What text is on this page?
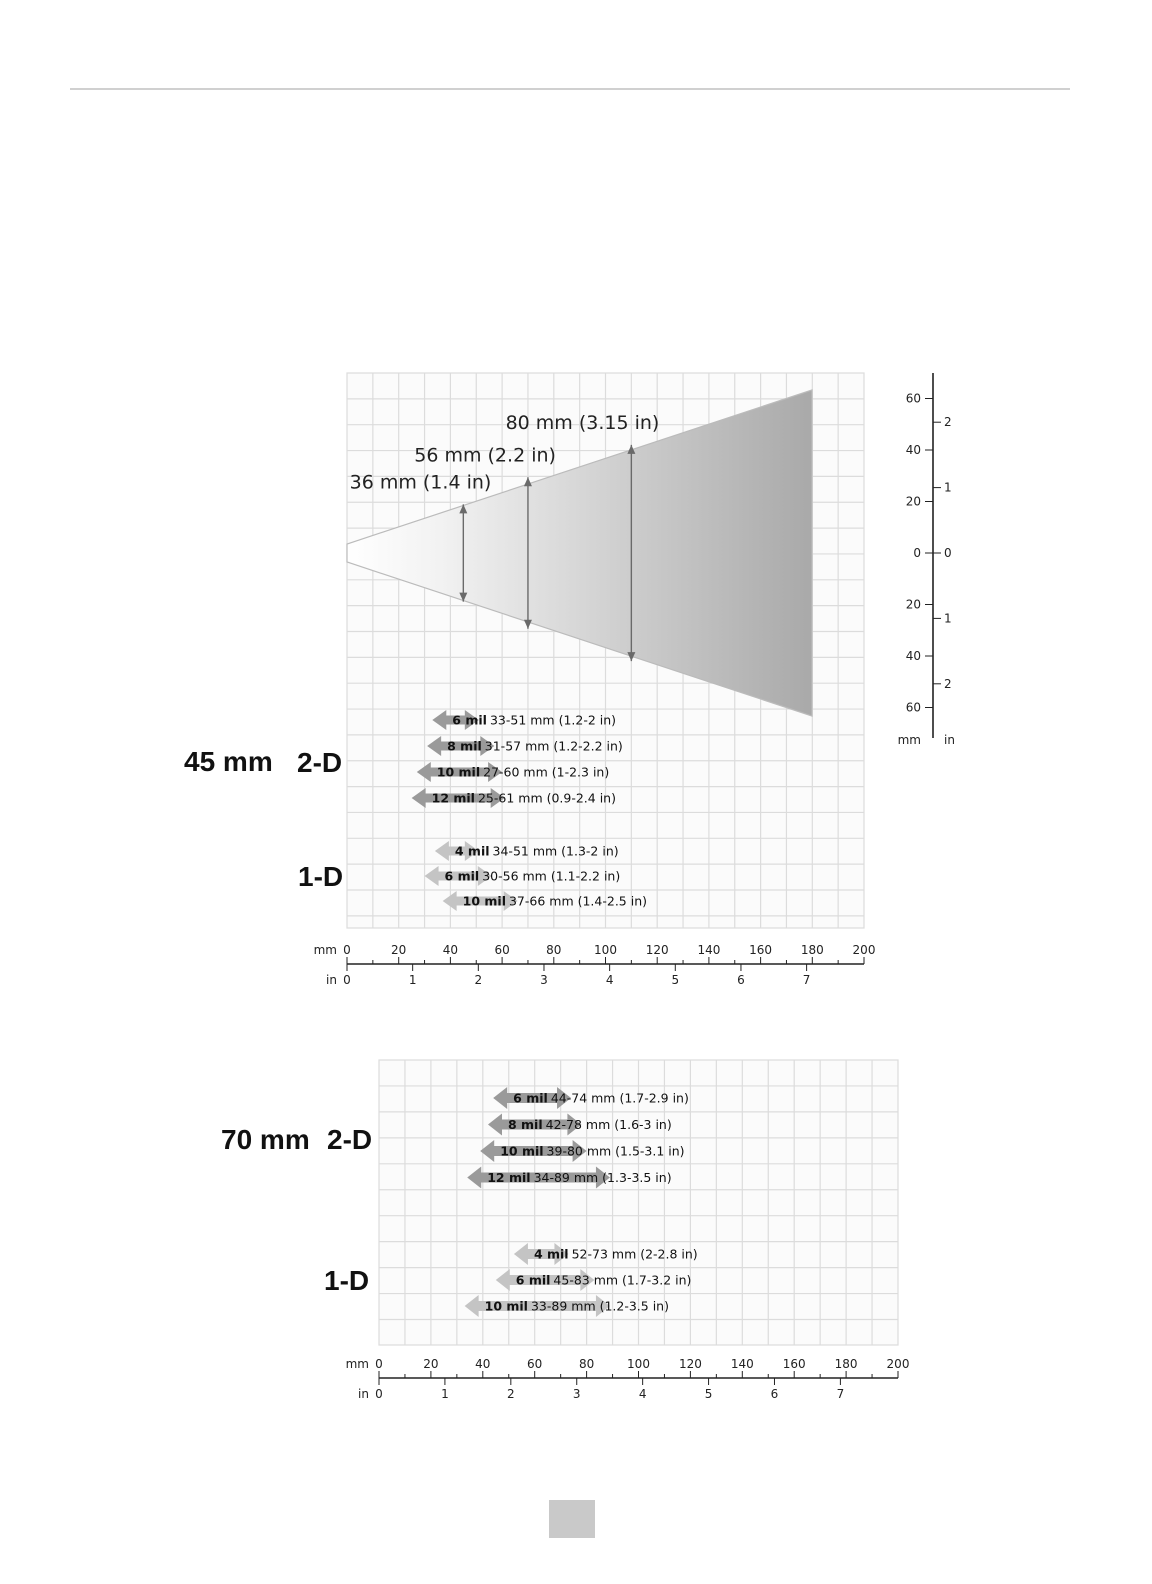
45 mm 2-D
1-D
70 mm 2-D
1-D
36 mm (1.4 in)
56 mm (2.2 in)
80 mm (3.15 in)
6 mil 33-51 mm (1.2-2 in)
8 mil 31-57 mm (1.2-2.2 in)
10 mil 27-60 mm (1-2.3 in)
12 mil 25-61 mm (0.9-2.4 in)
4 mil 34-51 mm (1.3-2 in)
6 mil 30-56 mm (1.1-2.2 in)
10 mil 37-66 mm (1.4-2.5 in)
0	20	40	60	80	100 120 140 160 180 200
mm
0	1	2	3	4	5	6	7
in
60
40
20
0
20
40
60
2
1
0
1
2
mm in
6 mil 44-74 mm (1.7-2.9 in)
8 mil 42-78 mm (1.6-3 in)
10 mil 39-80 mm (1.5-3.1 in)
12 mil 34-89 mm (1.3-3.5 in)
4 mil 52-73 mm (2-2.8 in)
6 mil 45-83 mm (1.7-3.2 in)
10 mil 33-89 mm (1.2-3.5 in)
0	20	40	60	80	100 120 140 160 180 200
mm
0	1	2	3	4	5	6	7
in
